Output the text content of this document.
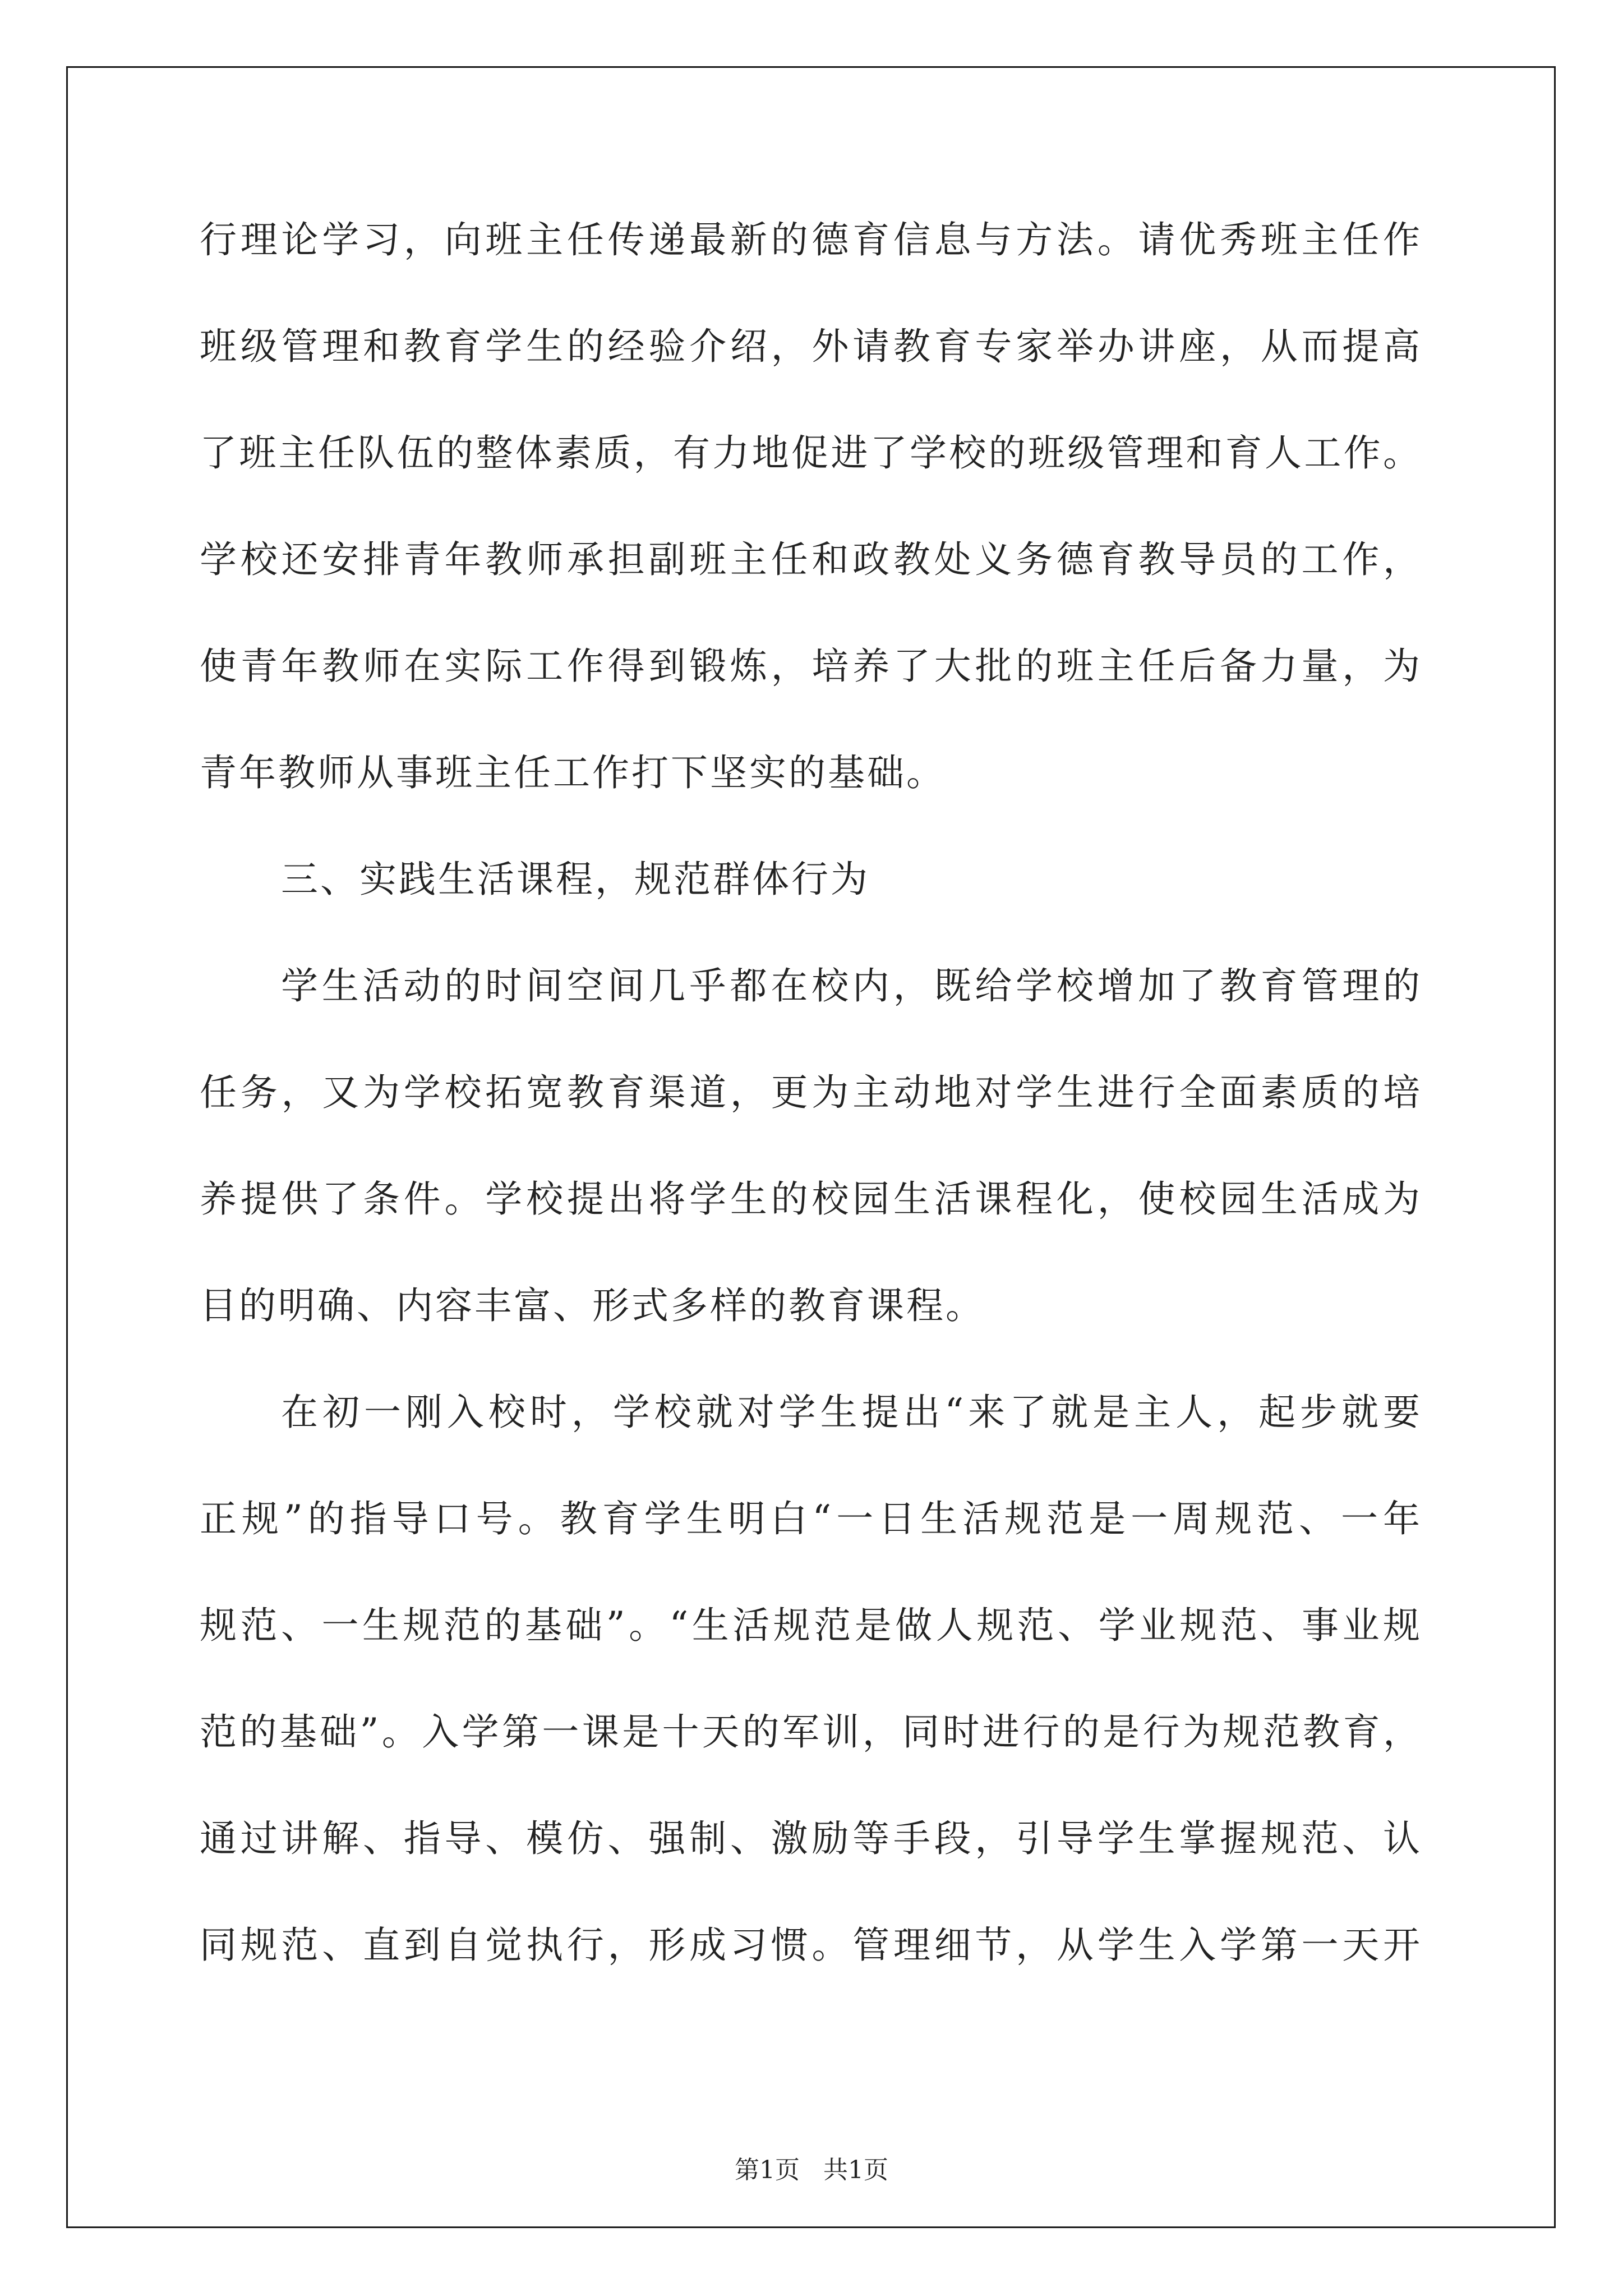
行理论学习，向班主任传递最新的德育信息与方法。请优秀班主任作
班级管理和教育学生的经验介绍，外请教育专家举办讲座，从而提高
了班主任队伍的整体素质，有力地促进了学校的班级管理和育人工作。
学校还安排青年教师承担副班主任和政教处义务德育教导员的工作，
使青年教师在实际工作得到锻炼，培养了大批的班主任后备力量，为
青年教师从事班主任工作打下坚实的基础。
三、实践生活课程，规范群体行为
学生活动的时间空间几乎都在校内，既给学校增加了教育管理的
任务，又为学校拓宽教育渠道，更为主动地对学生进行全面素质的培
养提供了条件。学校提出将学生的校园生活课程化，使校园生活成为
目的明确、内容丰富、形式多样的教育课程。
在初一刚入校时，学校就对学生提出“来了就是主人，起步就要
正规”的指导口号。教育学生明白“一日生活规范是一周规范、一年
规范、一生规范的基础”。“生活规范是做人规范、学业规范、事业规
范的基础”。入学第一课是十天的军训，同时进行的是行为规范教育，
通过讲解、指导、模仿、强制、激励等手段，引导学生掌握规范、认
同规范、直到自觉执行，形成习惯。管理细节，从学生入学第一天开
第1页 共1页
